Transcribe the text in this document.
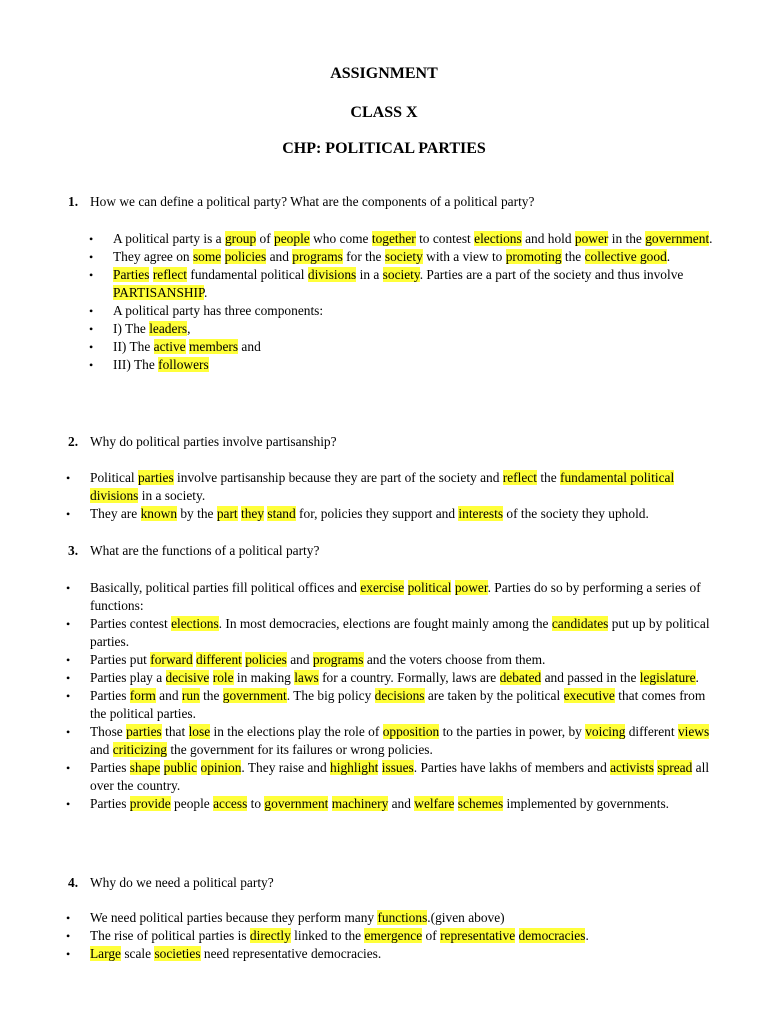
ASSIGNMENT
CLASS X
CHP: POLITICAL PARTIES
1. How we can define a political party? What are the components of a political party?
• A political party is a group of people who come together to contest elections and hold power in the government.
• They agree on some policies and programs for the society with a view to promoting the collective good.
• Parties reflect fundamental political divisions in a society. Parties are a part of the society and thus involve PARTISANSHIP.
• A political party has three components:
• I) The leaders,
• II) The active members and
• III) The followers
2. Why do political parties involve partisanship?
• Political parties involve partisanship because they are part of the society and reflect the fundamental political divisions in a society.
• They are known by the part they stand for, policies they support and interests of the society they uphold.
3. What are the functions of a political party?
• Basically, political parties fill political offices and exercise political power. Parties do so by performing a series of functions:
• Parties contest elections. In most democracies, elections are fought mainly among the candidates put up by political parties.
• Parties put forward different policies and programs and the voters choose from them.
• Parties play a decisive role in making laws for a country. Formally, laws are debated and passed in the legislature.
• Parties form and run the government. The big policy decisions are taken by the political executive that comes from the political parties.
• Those parties that lose in the elections play the role of opposition to the parties in power, by voicing different views and criticizing the government for its failures or wrong policies.
• Parties shape public opinion. They raise and highlight issues. Parties have lakhs of members and activists spread all over the country.
• Parties provide people access to government machinery and welfare schemes implemented by governments.
4. Why do we need a political party?
• We need political parties because they perform many functions.(given above)
• The rise of political parties is directly linked to the emergence of representative democracies.
• Large scale societies need representative democracies.
